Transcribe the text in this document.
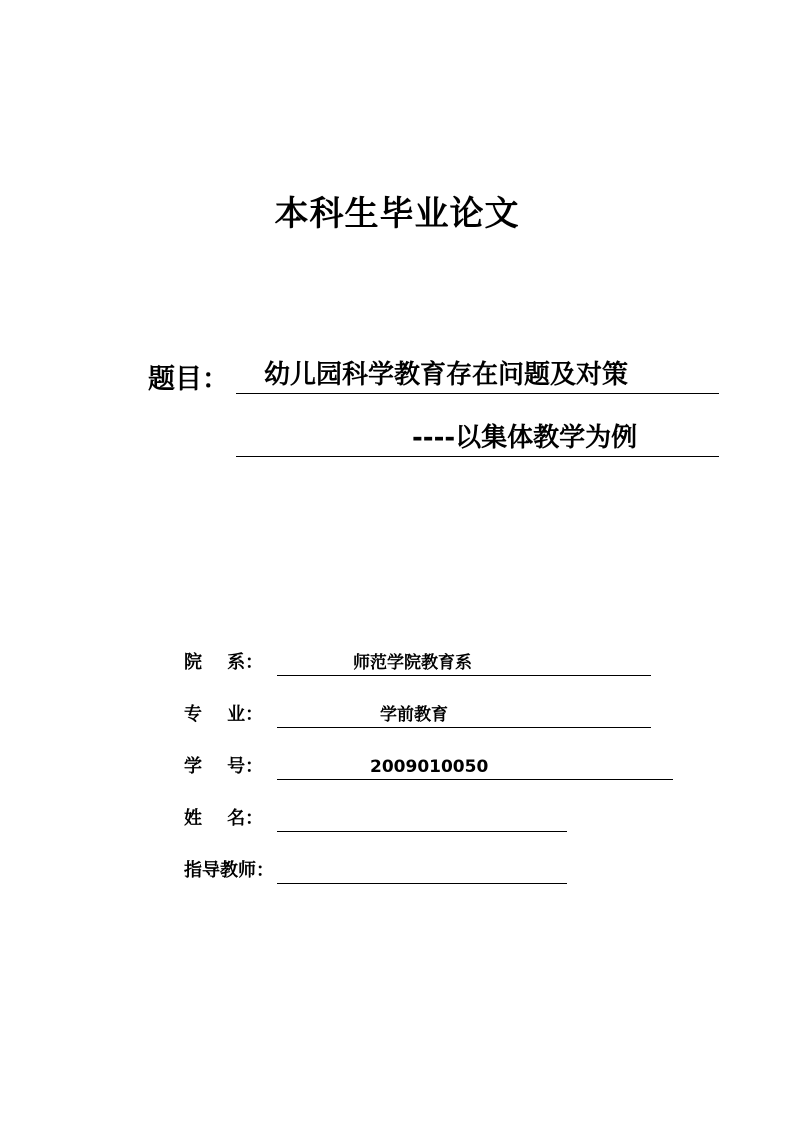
本科生毕业论文
题目：	幼儿园科学教育存在问题及对策
----以集体教学为例
院    系：	师范学院教育系
专    业：	学前教育
学    号：	2009010050
姓    名：
指导教师：
